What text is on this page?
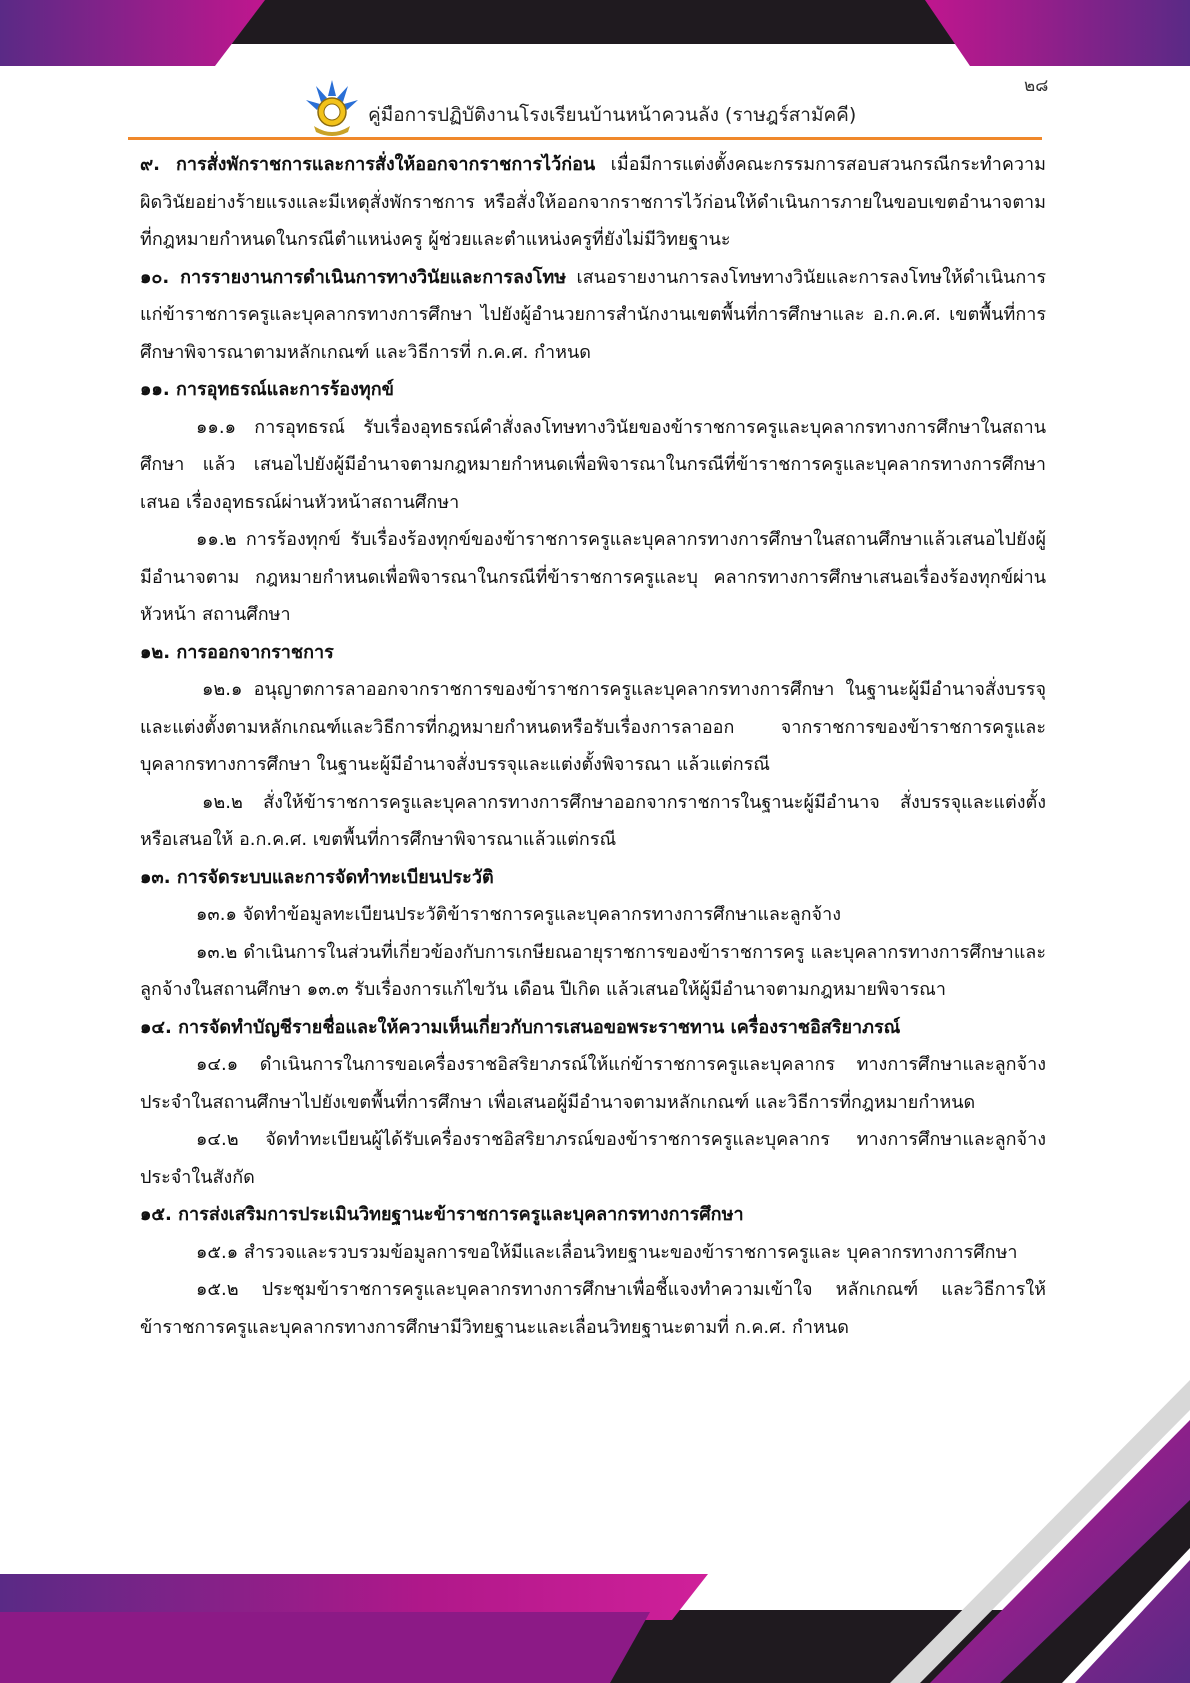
๒๘
คู่มือการปฏิบัติงานโรงเรียนบ้านหน้าควนลัง (ราษฎร์สามัคคี)

๙. การสั่งพักราชการและการสั่งให้ออกจากราชการไว้ก่อน เมื่อมีการแต่งตั้งคณะกรรมการสอบสวนกรณีกระทำความผิดวินัยอย่างร้ายแรงและมีเหตุสั่งพักราชการ หรือสั่งให้ออกจากราชการไว้ก่อนให้ดำเนินการภายในขอบเขตอำนาจตามที่กฎหมายกำหนดในกรณีตำแหน่งครู ผู้ช่วยและตำแหน่งครูที่ยังไม่มีวิทยฐานะ

๑๐. การรายงานการดำเนินการทางวินัยและการลงโทษ เสนอรายงานการลงโทษทางวินัยและการลงโทษให้ดำเนินการแก่ข้าราชการครูและบุคลากรทางการศึกษา ไปยังผู้อำนวยการสำนักงานเขตพื้นที่การศึกษาและ อ.ก.ค.ศ. เขตพื้นที่การศึกษาพิจารณาตามหลักเกณฑ์ และวิธีการที่ ก.ค.ศ. กำหนด

๑๑. การอุทธรณ์และการร้องทุกข์

๑๑.๑ การอุทธรณ์ รับเรื่องอุทธรณ์คำสั่งลงโทษทางวินัยของข้าราชการครูและบุคลากรทางการศึกษาในสถานศึกษา แล้ว เสนอไปยังผู้มีอำนาจตามกฎหมายกำหนดเพื่อพิจารณาในกรณีที่ข้าราชการครูและบุคลากรทางการศึกษาเสนอ เรื่องอุทธรณ์ผ่านหัวหน้าสถานศึกษา

๑๑.๒ การร้องทุกข์ รับเรื่องร้องทุกข์ของข้าราชการครูและบุคลากรทางการศึกษาในสถานศึกษาแล้วเสนอไปยังผู้มีอำนาจตาม กฎหมายกำหนดเพื่อพิจารณาในกรณีที่ข้าราชการครูและบุ คลากรทางการศึกษาเสนอเรื่องร้องทุกข์ผ่านหัวหน้า สถานศึกษา

๑๒. การออกจากราชการ

๑๒.๑ อนุญาตการลาออกจากราชการของข้าราชการครูและบุคลากรทางการศึกษา ในฐานะผู้มีอำนาจสั่งบรรจุและแต่งตั้งตามหลักเกณฑ์และวิธีการที่กฎหมายกำหนดหรือรับเรื่องการลาออก จากราชการของข้าราชการครูและบุคลากรทางการศึกษา ในฐานะผู้มีอำนาจสั่งบรรจุและแต่งตั้งพิจารณา แล้วแต่กรณี

๑๒.๒ สั่งให้ข้าราชการครูและบุคลากรทางการศึกษาออกจากราชการในฐานะผู้มีอำนาจ สั่งบรรจุและแต่งตั้งหรือเสนอให้ อ.ก.ค.ศ. เขตพื้นที่การศึกษาพิจารณาแล้วแต่กรณี

๑๓. การจัดระบบและการจัดทำทะเบียนประวัติ

๑๓.๑ จัดทำข้อมูลทะเบียนประวัติข้าราชการครูและบุคลากรทางการศึกษาและลูกจ้าง

๑๓.๒ ดำเนินการในส่วนที่เกี่ยวข้องกับการเกษียณอายุราชการของข้าราชการครู และบุคลากรทางการศึกษาและลูกจ้างในสถานศึกษา ๑๓.๓ รับเรื่องการแก้ไขวัน เดือน ปีเกิด แล้วเสนอให้ผู้มีอำนาจตามกฎหมายพิจารณา

๑๔. การจัดทำบัญชีรายชื่อและให้ความเห็นเกี่ยวกับการเสนอขอพระราชทาน เครื่องราชอิสริยาภรณ์

๑๔.๑ ดำเนินการในการขอเครื่องราชอิสริยาภรณ์ให้แก่ข้าราชการครูและบุคลากร ทางการศึกษาและลูกจ้างประจำในสถานศึกษาไปยังเขตพื้นที่การศึกษา เพื่อเสนอผู้มีอำนาจตามหลักเกณฑ์ และวิธีการที่กฎหมายกำหนด

๑๔.๒ จัดทำทะเบียนผู้ได้รับเครื่องราชอิสริยาภรณ์ของข้าราชการครูและบุคลากร ทางการศึกษาและลูกจ้างประจำในสังกัด

๑๕. การส่งเสริมการประเมินวิทยฐานะข้าราชการครูและบุคลากรทางการศึกษา

๑๕.๑ สำรวจและรวบรวมข้อมูลการขอให้มีและเลื่อนวิทยฐานะของข้าราชการครูและ บุคลากรทางการศึกษา

๑๕.๒ ประชุมข้าราชการครูและบุคลากรทางการศึกษาเพื่อชี้แจงทำความเข้าใจ หลักเกณฑ์ และวิธีการให้ข้าราชการครูและบุคลากรทางการศึกษามีวิทยฐานะและเลื่อนวิทยฐานะตามที่ ก.ค.ศ. กำหนด
